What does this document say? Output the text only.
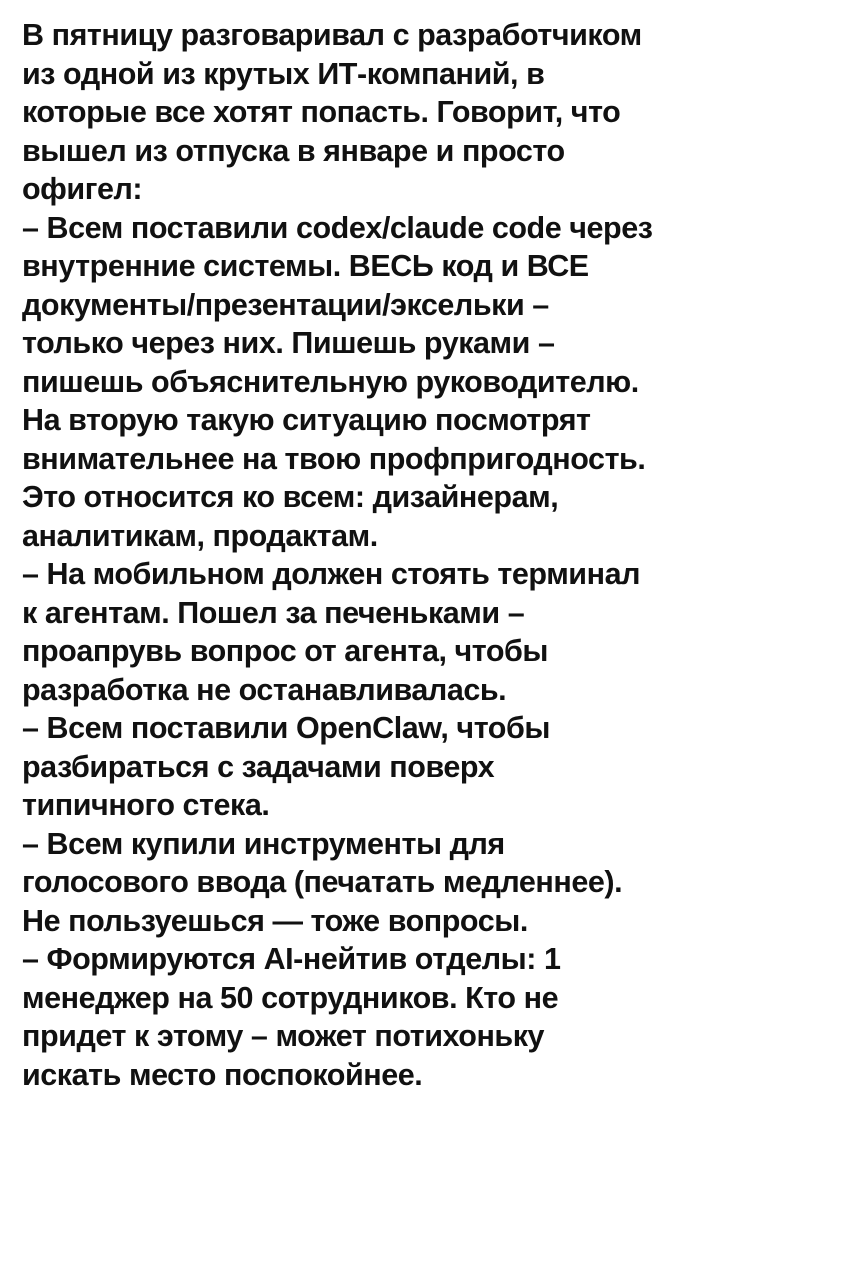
В пятницу разговаривал с разработчиком
из одной из крутых ИТ-компаний, в
которые все хотят попасть. Говорит, что
вышел из отпуска в январе и просто
офигел:
– Всем поставили codex/claude code через
внутренние системы. ВЕСЬ код и ВСЕ
документы/презентации/эксельки –
только через них. Пишешь руками –
пишешь объяснительную руководителю.
На вторую такую ситуацию посмотрят
внимательнее на твою профпригодность.
Это относится ко всем: дизайнерам,
аналитикам, продактам.
– На мобильном должен стоять терминал
к агентам. Пошел за печеньками –
проапрувь вопрос от агента, чтобы
разработка не останавливалась.
– Всем поставили OpenClaw, чтобы
разбираться с задачами поверх
типичного стека.
– Всем купили инструменты для
голосового ввода (печатать медленнее).
Не пользуешься — тоже вопросы.
– Формируются AI-нейтив отделы: 1
менеджер на 50 сотрудников. Кто не
придет к этому – может потихоньку
искать место поспокойнее.
